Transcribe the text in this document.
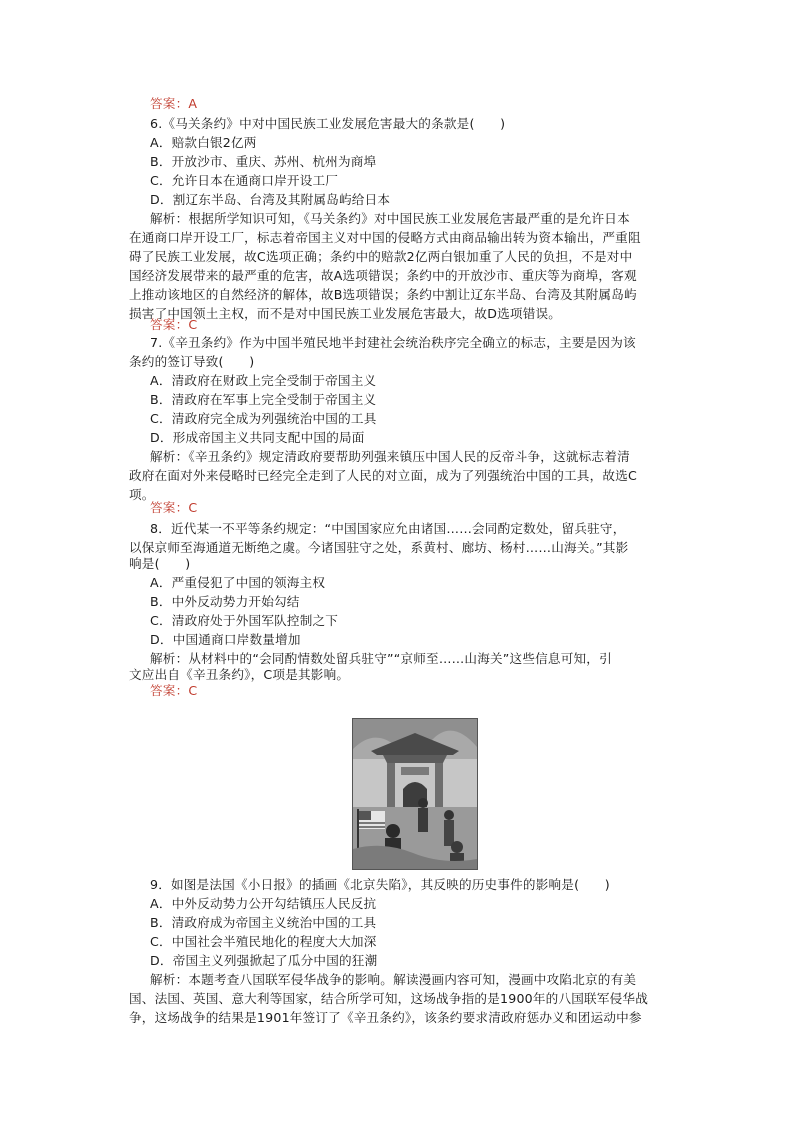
答案：A
6.《马关条约》中对中国民族工业发展危害最大的条款是(　　)
A．赔款白银2亿两
B．开放沙市、重庆、苏州、杭州为商埠
C．允许日本在通商口岸开设工厂
D．割辽东半岛、台湾及其附属岛屿给日本
解析：根据所学知识可知，《马关条约》对中国民族工业发展危害最严重的是允许日本
在通商口岸开设工厂，标志着帝国主义对中国的侵略方式由商品输出转为资本输出，严重阻
碍了民族工业发展，故C选项正确；条约中的赔款2亿两白银加重了人民的负担，不是对中
国经济发展带来的最严重的危害，故A选项错误；条约中的开放沙市、重庆等为商埠，客观
上推动该地区的自然经济的解体，故B选项错误；条约中割让辽东半岛、台湾及其附属岛屿
损害了中国领土主权，而不是对中国民族工业发展危害最大，故D选项错误。
答案：C
7.《辛丑条约》作为中国半殖民地半封建社会统治秩序完全确立的标志，主要是因为该
条约的签订导致(　　)
A．清政府在财政上完全受制于帝国主义
B．清政府在军事上完全受制于帝国主义
C．清政府完全成为列强统治中国的工具
D．形成帝国主义共同支配中国的局面
解析：《辛丑条约》规定清政府要帮助列强来镇压中国人民的反帝斗争，这就标志着清
政府在面对外来侵略时已经完全走到了人民的对立面，成为了列强统治中国的工具，故选C
项。
答案：C
8．近代某一不平等条约规定：“中国国家应允由诸国……会同酌定数处，留兵驻守，
以保京师至海通道无断绝之虞。今诸国驻守之处，系黄村、廊坊、杨村……山海关。”其影
响是(　　)
A．严重侵犯了中国的领海主权
B．中外反动势力开始勾结
C．清政府处于外国军队控制之下
D．中国通商口岸数量增加
解析：从材料中的“会同酌情数处留兵驻守”“京师至……山海关”这些信息可知，引
文应出自《辛丑条约》，C项是其影响。
答案：C
9．如图是法国《小日报》的插画《北京失陷》，其反映的历史事件的影响是(　　)
A．中外反动势力公开勾结镇压人民反抗
B．清政府成为帝国主义统治中国的工具
C．中国社会半殖民地化的程度大大加深
D．帝国主义列强掀起了瓜分中国的狂潮
解析：本题考查八国联军侵华战争的影响。解读漫画内容可知，漫画中攻陷北京的有美
国、法国、英国、意大利等国家，结合所学可知，这场战争指的是1900年的八国联军侵华战
争，这场战争的结果是1901年签订了《辛丑条约》，该条约要求清政府惩办义和团运动中参
